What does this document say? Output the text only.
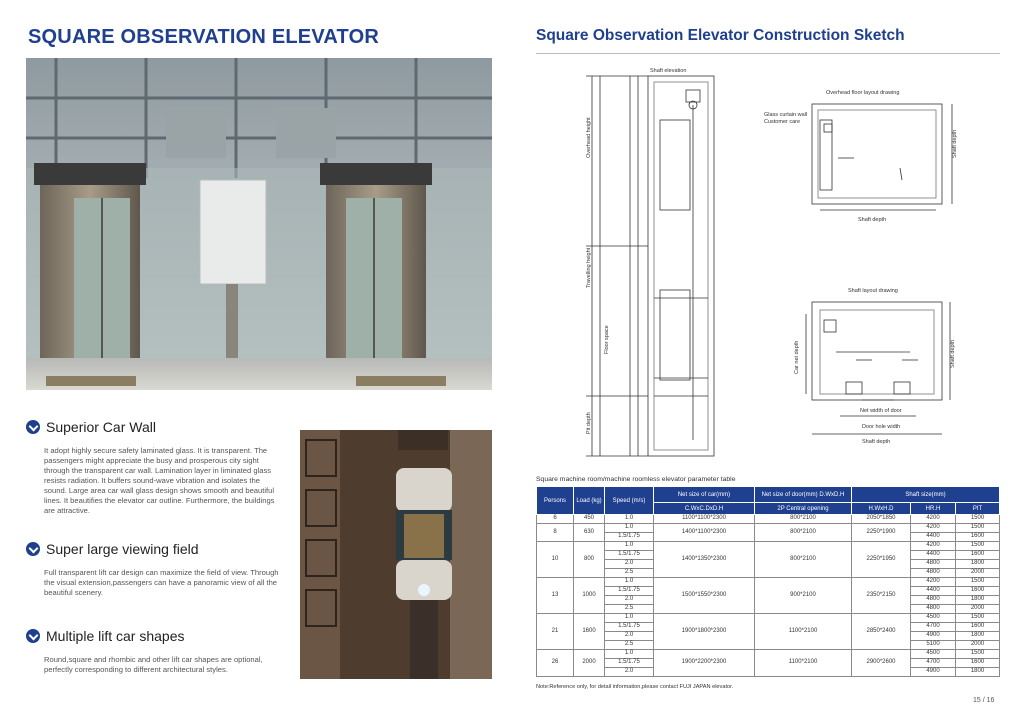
SQUARE OBSERVATION ELEVATOR
Superior Car Wall
It adopt highly secure safety laminated glass. It is transparent. The passengers might appreciate the busy and prosperous city sight through the transparent car wall. Lamination layer in liminated glass resists radiation. It buffers sound-wave vibration and isolates the sound. Large area car wall glass design shows smooth and beautiful lines. It beautifies the elevator car outline. Furthermore, the buildings are attractive.
Super large viewing field
Full transparent lift car design can maximize the field of view. Through the visual extension,passengers can have a panoramic view of all the beautiful scenery.
Multiple lift car shapes
Round,square and rhombic and other lift car shapes are optional, perfectly corresponding to different architectural styles.
Square Observation Elevator Construction Sketch
Shaft elevation
Overhead height
Travelling height
Floor space
Pit depth
Overhead floor layout drawing
Glass curtain wall
Customer care
Shaft depth
Shaft depth
Shaft layout drawing
Car net depth	Shaft depth
Net width of door
Door hole width
Shaft depth
Square machine room/machine roomless elevator parameter table
Persons	Load (kg)	Speed (m/s)	Net size of car(mm)	Net size of door(mm) D.WxD.H	Shaft size(mm)		
			C.WxC.DxD.H	2P Central opening	H.WxH.D	HR.H	PIT
6	450	1.0	1100*1100*2300	800*2100	2050*1850	4200	1500
8	630	1.0	1400*1100*2300	800*2100	2250*1900	4200	1500
		1.5/1.75				4400	1600
10	800	1.0	1400*1350*2300	800*2100	2250*1950	4200	1500
		1.5/1.75				4400	1600
		2.0				4800	1800
		2.5				4800	2000
13	1000	1.0	1500*1550*2300	900*2100	2350*2150	4200	1500
		1.5/1.75				4400	1600
		2.0				4800	1800
		2.5				4800	2000
21	1600	1.0	1900*1800*2300	1100*2100	2850*2400	4500	1500
		1.5/1.75				4700	1600
		2.0				4900	1800
		2.5				5100	2000
26	2000	1.0	1900*2200*2300	1100*2100	2900*2600	4500	1500
		1.5/1.75				4700	1600
		2.0				4900	1800
Note:Reference only, for detail information,please contact FUJI JAPAN elevator.
15 / 16
